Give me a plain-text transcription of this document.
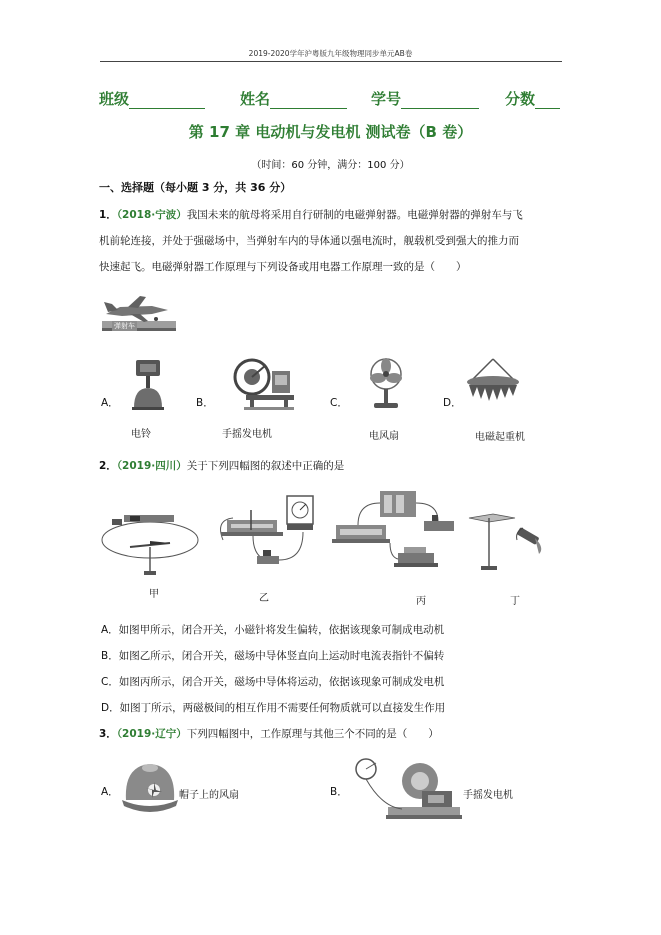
2019-2020学年沪粤版九年级物理同步单元AB卷
班级	姓名	学号	分数
第 17 章 电动机与发电机 测试卷（B 卷）
（时间：60 分钟，满分：100 分）
一、选择题（每小题 3 分，共 36 分）
1．（2018·宁波）我国未来的航母将采用自行研制的电磁弹射器。电磁弹射器的弹射车与飞
机前轮连接，并处于强磁场中，当弹射车内的导体通以强电流时，舰载机受到强大的推力而
快速起飞。电磁弹射器工作原理与下列设备或用电器工作原理一致的是（　　）
弹射车
A．
电铃
B．
手摇发电机
C．
电风扇
D．
电磁起重机
2．（2019·四川）关于下列四幅图的叙述中正确的是
甲	乙	丙	丁
A．如图甲所示，闭合开关，小磁针将发生偏转，依据该现象可制成电动机
B．如图乙所示，闭合开关，磁场中导体竖直向上运动时电流表指针不偏转
C．如图丙所示，闭合开关，磁场中导体将运动，依据该现象可制成发电机
D．如图丁所示，两磁极间的相互作用不需要任何物质就可以直接发生作用
3．（2019·辽宁）下列四幅图中，工作原理与其他三个不同的是（　　）
A．	帽子上的风扇	B．	手摇发电机
